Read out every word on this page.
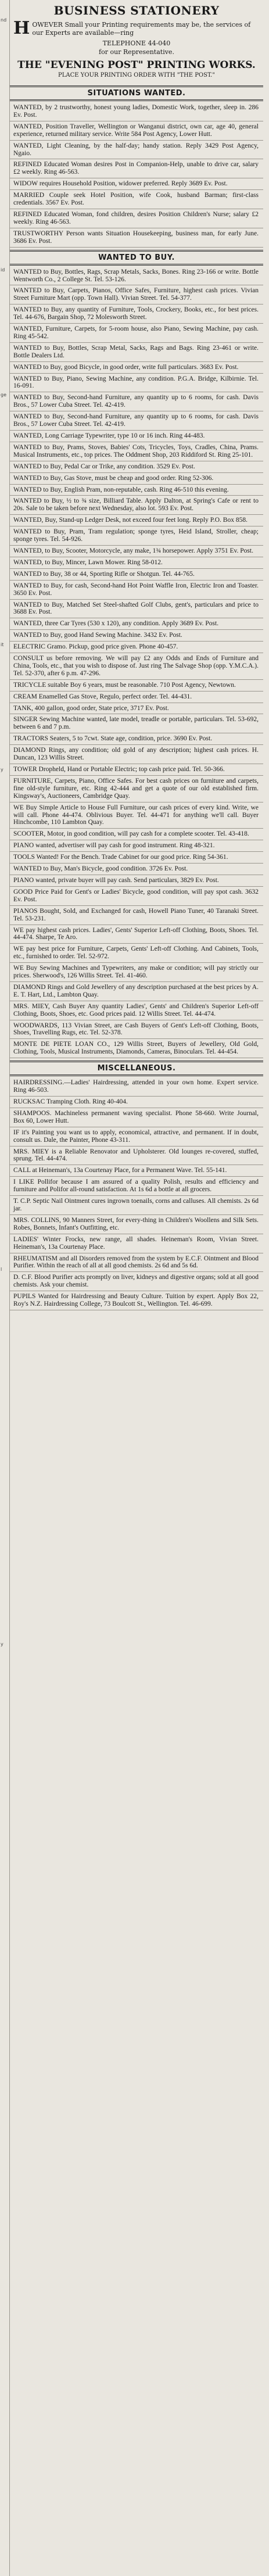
nd
id
ge
it
y
l
y
BUSINESS STATIONERY
HOWEVER Small your Printing requirements may be, the services of our Experts are available—ring
TELEPHONE 44-040
for our Representative.
THE "EVENING POST" PRINTING WORKS.
PLACE YOUR PRINTING ORDER WITH "THE POST."
SITUATIONS WANTED.
WANTED, by 2 trustworthy, honest young ladies, Domestic Work, together, sleep in. 286 Ev. Post.
WANTED, Position Traveller, Wellington or Wanganui district, own car, age 40, general experience, returned military service. Write 584 Post Agency, Lower Hutt.
WANTED, Light Cleaning, by the half-day; handy station. Reply 3429 Post Agency, Ngaio.
REFINED Educated Woman desires Post in Companion-Help, unable to drive car, salary £2 weekly. Ring 46-563.
WIDOW requires Household Position, widower preferred. Reply 3689 Ev. Post.
MARRIED Couple seek Hotel Position, wife Cook, husband Barman; first-class credentials. 3567 Ev. Post.
REFINED Educated Woman, fond children, desires Position Children's Nurse; salary £2 weekly. Ring 46-563.
TRUSTWORTHY Person wants Situation Housekeeping, business man, for early June. 3686 Ev. Post.
WANTED TO BUY.
WANTED to Buy, Bottles, Rags, Scrap Metals, Sacks, Bones. Ring 23-166 or write. Bottle Wentworth Co., 2 College St. Tel. 53-126.
WANTED to Buy, Carpets, Pianos, Office Safes, Furniture, highest cash prices. Vivian Street Furniture Mart (opp. Town Hall). Vivian Street. Tel. 54-377.
WANTED to Buy, any quantity of Furniture, Tools, Crockery, Books, etc., for best prices. Tel. 44-676, Bargain Shop, 72 Molesworth Street.
WANTED, Furniture, Carpets, for 5-room house, also Piano, Sewing Machine, pay cash. Ring 45-542.
WANTED to Buy, Bottles, Scrap Metal, Sacks, Rags and Bags. Ring 23-461 or write. Bottle Dealers Ltd.
WANTED to Buy, good Bicycle, in good order, write full particulars. 3683 Ev. Post.
WANTED to Buy, Piano, Sewing Machine, any condition. P.G.A. Bridge, Kilbirnie. Tel. 16-091.
WANTED to Buy, Second-hand Furniture, any quantity up to 6 rooms, for cash. Davis Bros., 57 Lower Cuba Street. Tel. 42-419.
WANTED to Buy, Second-hand Furniture, any quantity up to 6 rooms, for cash. Davis Bros., 57 Lower Cuba Street. Tel. 42-419.
WANTED, Long Carriage Typewriter, type 10 or 16 inch. Ring 44-483.
WANTED to Buy, Prams, Stoves, Babies' Cots, Tricycles, Toys, Cradles, China, Prams. Musical Instruments, etc., top prices. The Oddment Shop, 203 Riddiford St. Ring 25-101.
WANTED to Buy, Pedal Car or Trike, any condition. 3529 Ev. Post.
WANTED to Buy, Gas Stove, must be cheap and good order. Ring 52-306.
WANTED to Buy, English Pram, non-reputable, cash. Ring 46-510 this evening.
WANTED to Buy, ½ to ¾ size, Billiard Table. Apply Dalton, at Spring's Cafe or rent to 20s. Sale to be taken before next Wednesday, also lot. 593 Ev. Post.
WANTED, Buy, Stand-up Ledger Desk, not exceed four feet long. Reply P.O. Box 858.
WANTED to Buy, Pram, Tram regulation; sponge tyres, Heid Island, Stroller, cheap; sponge tyres. Tel. 54-926.
WANTED, to Buy, Scooter, Motorcycle, any make, 1¾ horsepower. Apply 3751 Ev. Post.
WANTED, to Buy, Mincer, Lawn Mower. Ring 58-012.
WANTED to Buy, 38 or 44, Sporting Rifle or Shotgun. Tel. 44-765.
WANTED to Buy, for cash, Second-hand Hot Point Waffle Iron, Electric Iron and Toaster. 3650 Ev. Post.
WANTED to Buy, Matched Set Steel-shafted Golf Clubs, gent's, particulars and price to 3688 Ev. Post.
WANTED, three Car Tyres (530 x 120), any condition. Apply 3689 Ev. Post.
WANTED to Buy, good Hand Sewing Machine. 3432 Ev. Post.
ELECTRIC Gramo. Pickup, good price given. Phone 40-457.
CONSULT us before removing. We will pay £2 any Odds and Ends of Furniture and China, Tools, etc., that you wish to dispose of. Just ring The Salvage Shop (opp. Y.M.C.A.). Tel. 52-370, after 6 p.m. 47-296.
TRICYCLE suitable Boy 6 years, must be reasonable. 710 Post Agency, Newtown.
CREAM Enamelled Gas Stove, Regulo, perfect order. Tel. 44-431.
TANK, 400 gallon, good order, State price, 3717 Ev. Post.
SINGER Sewing Machine wanted, late model, treadle or portable, particulars. Tel. 53-692, between 6 and 7 p.m.
TRACTORS Seaters, 5 to 7cwt. State age, condition, price. 3690 Ev. Post.
DIAMOND Rings, any condition; old gold of any description; highest cash prices. H. Duncan, 123 Willis Street.
TOWER Dropheld, Hand or Portable Electric; top cash price paid. Tel. 50-366.
FURNITURE, Carpets, Piano, Office Safes. For best cash prices on furniture and carpets, fine old-style furniture, etc. Ring 42-444 and get a quote of our old established firm. Kingsway's, Auctioneers, Cambridge Quay.
WE Buy Simple Article to House Full Furniture, our cash prices of every kind. Write, we will call. Phone 44-474. Oblivious Buyer. Tel. 44-471 for anything we'll call. Buyer Hinchcombe, 110 Lambton Quay.
SCOOTER, Motor, in good condition, will pay cash for a complete scooter. Tel. 43-418.
PIANO wanted, advertiser will pay cash for good instrument. Ring 48-321.
TOOLS Wanted! For the Bench. Trade Cabinet for our good price. Ring 54-361.
WANTED to Buy, Man's Bicycle, good condition. 3726 Ev. Post.
PIANO wanted, private buyer will pay cash. Send particulars, 3829 Ev. Post.
GOOD Price Paid for Gent's or Ladies' Bicycle, good condition, will pay spot cash. 3632 Ev. Post.
PIANOS Bought, Sold, and Exchanged for cash, Howell Piano Tuner, 40 Taranaki Street. Tel. 53-231.
WE pay highest cash prices. Ladies', Gents' Superior Left-off Clothing, Boots, Shoes. Tel. 44-474. Sharpe, Te Aro.
WE pay best price for Furniture, Carpets, Gents' Left-off Clothing. And Cabinets, Tools, etc., furnished to order. Tel. 52-972.
WE Buy Sewing Machines and Typewriters, any make or condition; will pay strictly our prices. Sherwood's, 126 Willis Street. Tel. 41-460.
DIAMOND Rings and Gold Jewellery of any description purchased at the best prices by A. E. T. Hart, Ltd., Lambton Quay.
MRS. MIEY, Cash Buyer Any quantity Ladies', Gents' and Children's Superior Left-off Clothing, Boots, Shoes, etc. Good prices paid. 12 Willis Street. Tel. 44-474.
WOODWARDS, 113 Vivian Street, are Cash Buyers of Gent's Left-off Clothing, Boots, Shoes, Travelling Rugs, etc. Tel. 52-378.
MONTE DE PIETE LOAN CO., 129 Willis Street, Buyers of Jewellery, Old Gold, Clothing, Tools, Musical Instruments, Diamonds, Cameras, Binoculars. Tel. 44-454.
MISCELLANEOUS.
HAIRDRESSING.—Ladies' Hairdressing, attended in your own home. Expert service. Ring 46-503.
RUCKSAC Tramping Cloth. Ring 40-404.
SHAMPOOS. Machineless permanent waving specialist. Phone 58-660. Write Journal, Box 60, Lower Hutt.
IF it's Painting you want us to apply, economical, attractive, and permanent. If in doubt, consult us. Dale, the Painter, Phone 43-311.
MRS. MIEY is a Reliable Renovator and Upholsterer. Old lounges re-covered, stuffed, sprung. Tel. 44-474.
CALL at Heineman's, 13a Courtenay Place, for a Permanent Wave. Tel. 55-141.
I LIKE Pollifor because I am assured of a quality Polish, results and efficiency and furniture and Polifor all-round satisfaction. At 1s 6d a bottle at all grocers.
T. C.P. Septic Nail Ointment cures ingrown toenails, corns and calluses. All chemists. 2s 6d jar.
MRS. COLLINS, 90 Manners Street, for every-thing in Children's Woollens and Silk Sets. Robes, Bonnets, Infant's Outfitting, etc.
LADIES' Winter Frocks, new range, all shades. Heineman's Room, Vivian Street. Heineman's, 13a Courtenay Place.
RHEUMATISM and all Disorders removed from the system by E.C.F. Ointment and Blood Purifier. Within the reach of all at all good chemists. 2s 6d and 5s 6d.
D. C.F. Blood Purifier acts promptly on liver, kidneys and digestive organs; sold at all good chemists. Ask your chemist.
PUPILS Wanted for Hairdressing and Beauty Culture. Tuition by expert. Apply Box 22, Roy's N.Z. Hairdressing College, 73 Boulcott St., Wellington. Tel. 46-699.
